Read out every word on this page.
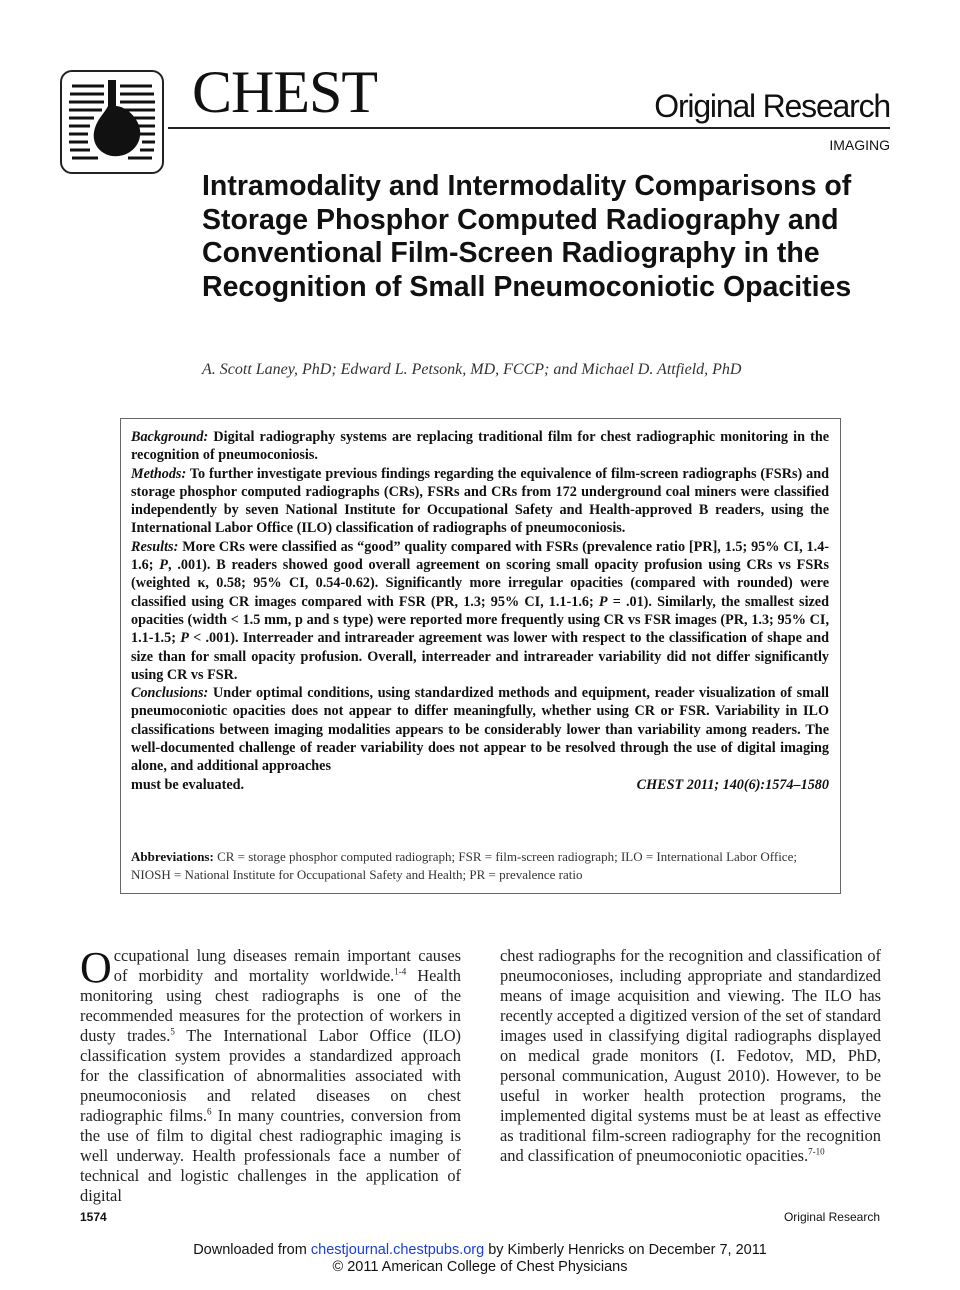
CHEST	Original Research
IMAGING
Intramodality and Intermodality Comparisons of Storage Phosphor Computed Radiography and Conventional Film-Screen Radiography in the Recognition of Small Pneumoconiotic Opacities
A. Scott Laney, PhD; Edward L. Petsonk, MD, FCCP; and Michael D. Attfield, PhD

Background: Digital radiography systems are replacing traditional film for chest radiographic monitoring in the recognition of pneumoconiosis.

Methods: To further investigate previous findings regarding the equivalence of film-screen radiographs (FSRs) and storage phosphor computed radiographs (CRs), FSRs and CRs from 172 underground coal miners were classified independently by seven National Institute for Occupational Safety and Health-approved B readers, using the International Labor Office (ILO) classification of radiographs of pneumoconiosis.

Results: More CRs were classified as “good” quality compared with FSRs (prevalence ratio [PR], 1.5; 95% CI, 1.4-1.6; P, .001). B readers showed good overall agreement on scoring small opacity profusion using CRs vs FSRs (weighted κ, 0.58; 95% CI, 0.54-0.62). Significantly more irregular opacities (compared with rounded) were classified using CR images compared with FSR (PR, 1.3; 95% CI, 1.1-1.6; P = .01). Similarly, the smallest sized opacities (width < 1.5 mm, p and s type) were reported more frequently using CR vs FSR images (PR, 1.3; 95% CI, 1.1-1.5; P < .001). Interreader and intrareader agreement was lower with respect to the classification of shape and size than for small opacity profusion. Overall, interreader and intrareader variability did not differ significantly using CR vs FSR.

Conclusions: Under optimal conditions, using standardized methods and equipment, reader visualization of small pneumoconiotic opacities does not appear to differ meaningfully, whether using CR or FSR. Variability in ILO classifications between imaging modalities appears to be considerably lower than variability among readers. The well-documented challenge of reader variability does not appear to be resolved through the use of digital imaging alone, and additional approaches

must be evaluated.	CHEST 2011; 140(6):1574–1580
Abbreviations: CR = storage phosphor computed radiograph; FSR = film-screen radiograph; ILO = International Labor Office; NIOSH = National Institute for Occupational Safety and Health; PR = prevalence ratio

Occupational lung diseases remain important causes of morbidity and mortality worldwide.$^{1-4}$ Health monitoring using chest radiographs is one of the recommended measures for the protection of workers in dusty trades.$^5$ The International Labor Office (ILO) classification system provides a standardized approach for the classification of abnormalities associated with pneumoconiosis and related diseases on chest radiographic films.$^6$ In many countries, conversion from the use of film to digital chest radiographic imaging is well underway. Health professionals face a number of technical and logistic challenges in the application of digital

chest radiographs for the recognition and classification of pneumoconioses, including appropriate and standardized means of image acquisition and viewing. The ILO has recently accepted a digitized version of the set of standard images used in classifying digital radiographs displayed on medical grade monitors (I. Fedotov, MD, PhD, personal communication, August 2010). However, to be useful in worker health protection programs, the implemented digital systems must be at least as effective as traditional film-screen radiography for the recognition and classification of pneumoconiotic opacities.$^{7-10}$

1574	Original Research
Downloaded from chestjournal.chestpubs.org by Kimberly Henricks on December 7, 2011
© 2011 American College of Chest Physicians
